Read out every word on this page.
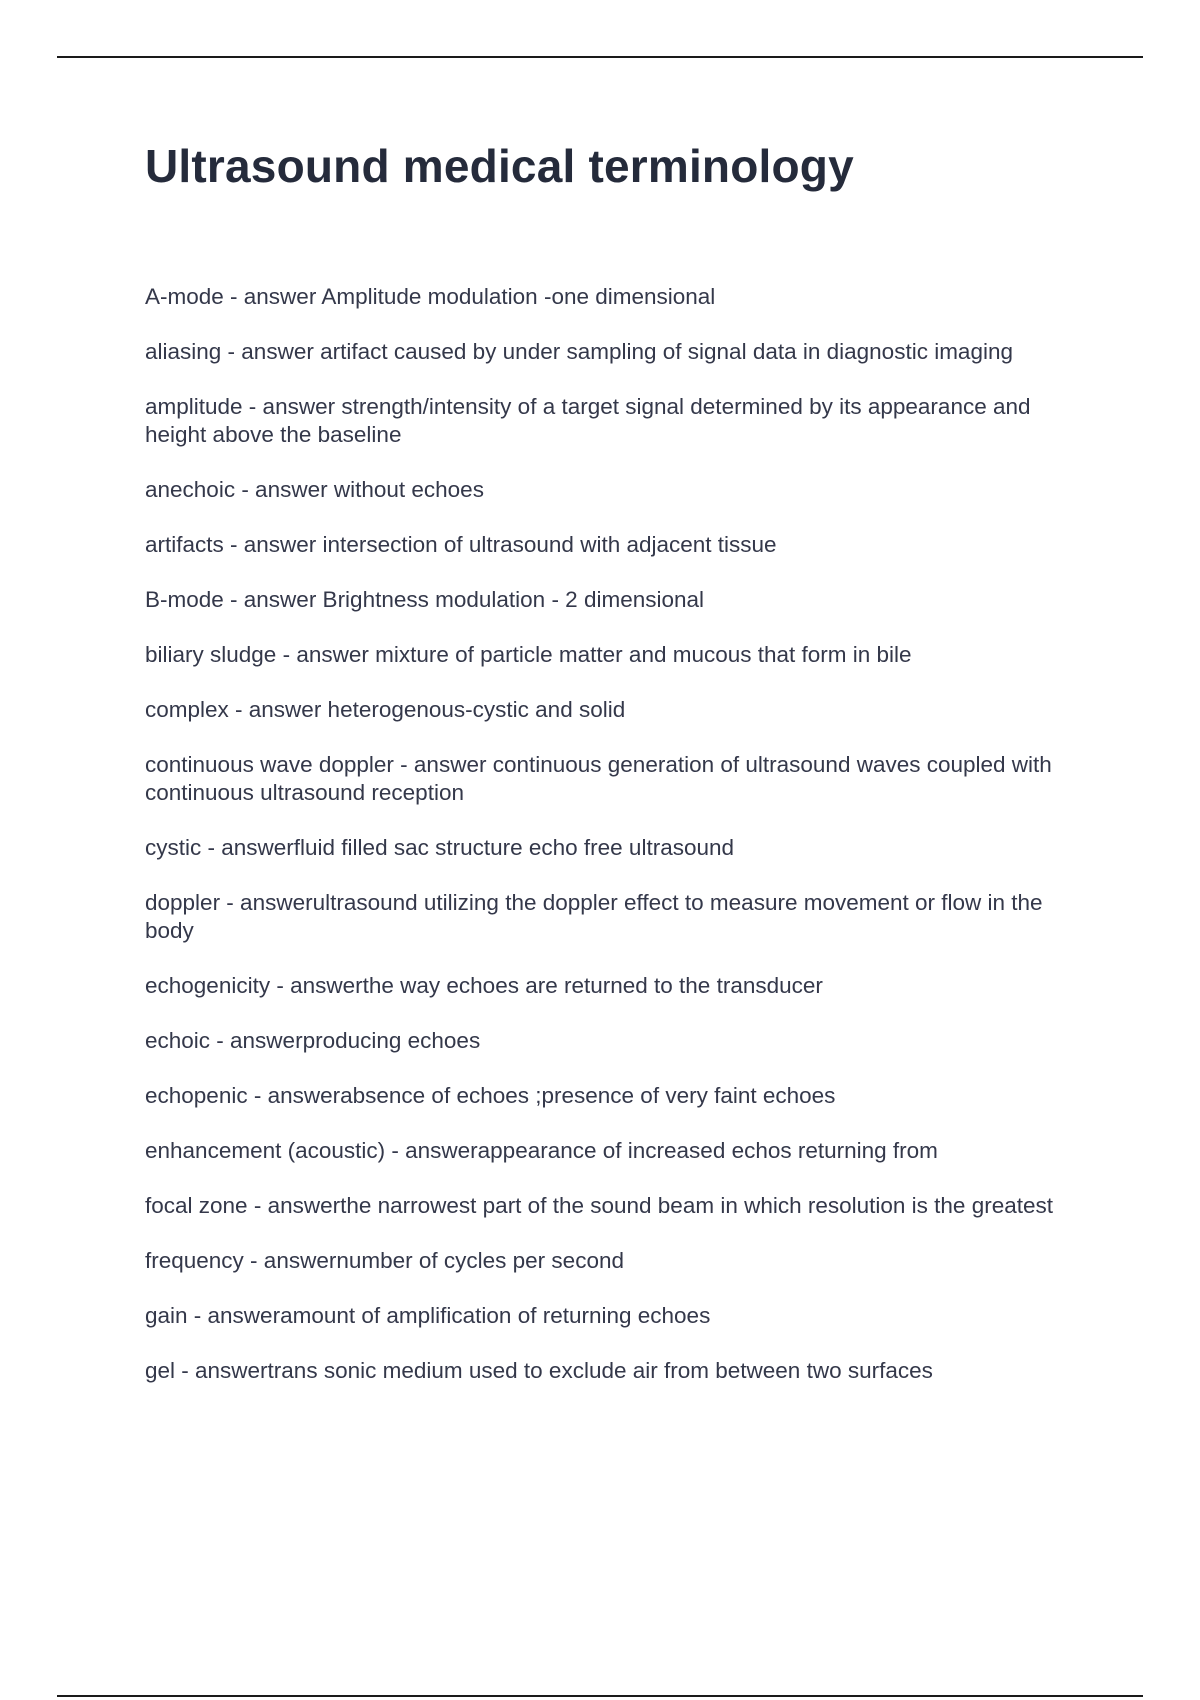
Ultrasound medical terminology
A-mode - answer Amplitude modulation -one dimensional
aliasing - answer artifact caused by under sampling of signal data in diagnostic imaging
amplitude - answer strength/intensity of a target signal determined by its appearance and height above the baseline
anechoic - answer without echoes
artifacts - answer intersection of ultrasound with adjacent tissue
B-mode - answer Brightness modulation - 2 dimensional
biliary sludge - answer mixture of particle matter and mucous that form in bile
complex - answer heterogenous-cystic and solid
continuous wave doppler - answer continuous generation of ultrasound waves coupled with continuous ultrasound reception
cystic - answerfluid filled sac structure echo free ultrasound
doppler - answerultrasound utilizing the doppler effect to measure movement or flow in the body
echogenicity - answerthe way echoes are returned to the transducer
echoic - answerproducing echoes
echopenic - answerabsence of echoes ;presence of very faint echoes
enhancement (acoustic) - answerappearance of increased echos returning from
focal zone - answerthe narrowest part of the sound beam in which resolution is the greatest
frequency - answernumber of cycles per second
gain - answeramount of amplification of returning echoes
gel - answertrans sonic medium used to exclude air from between two surfaces
